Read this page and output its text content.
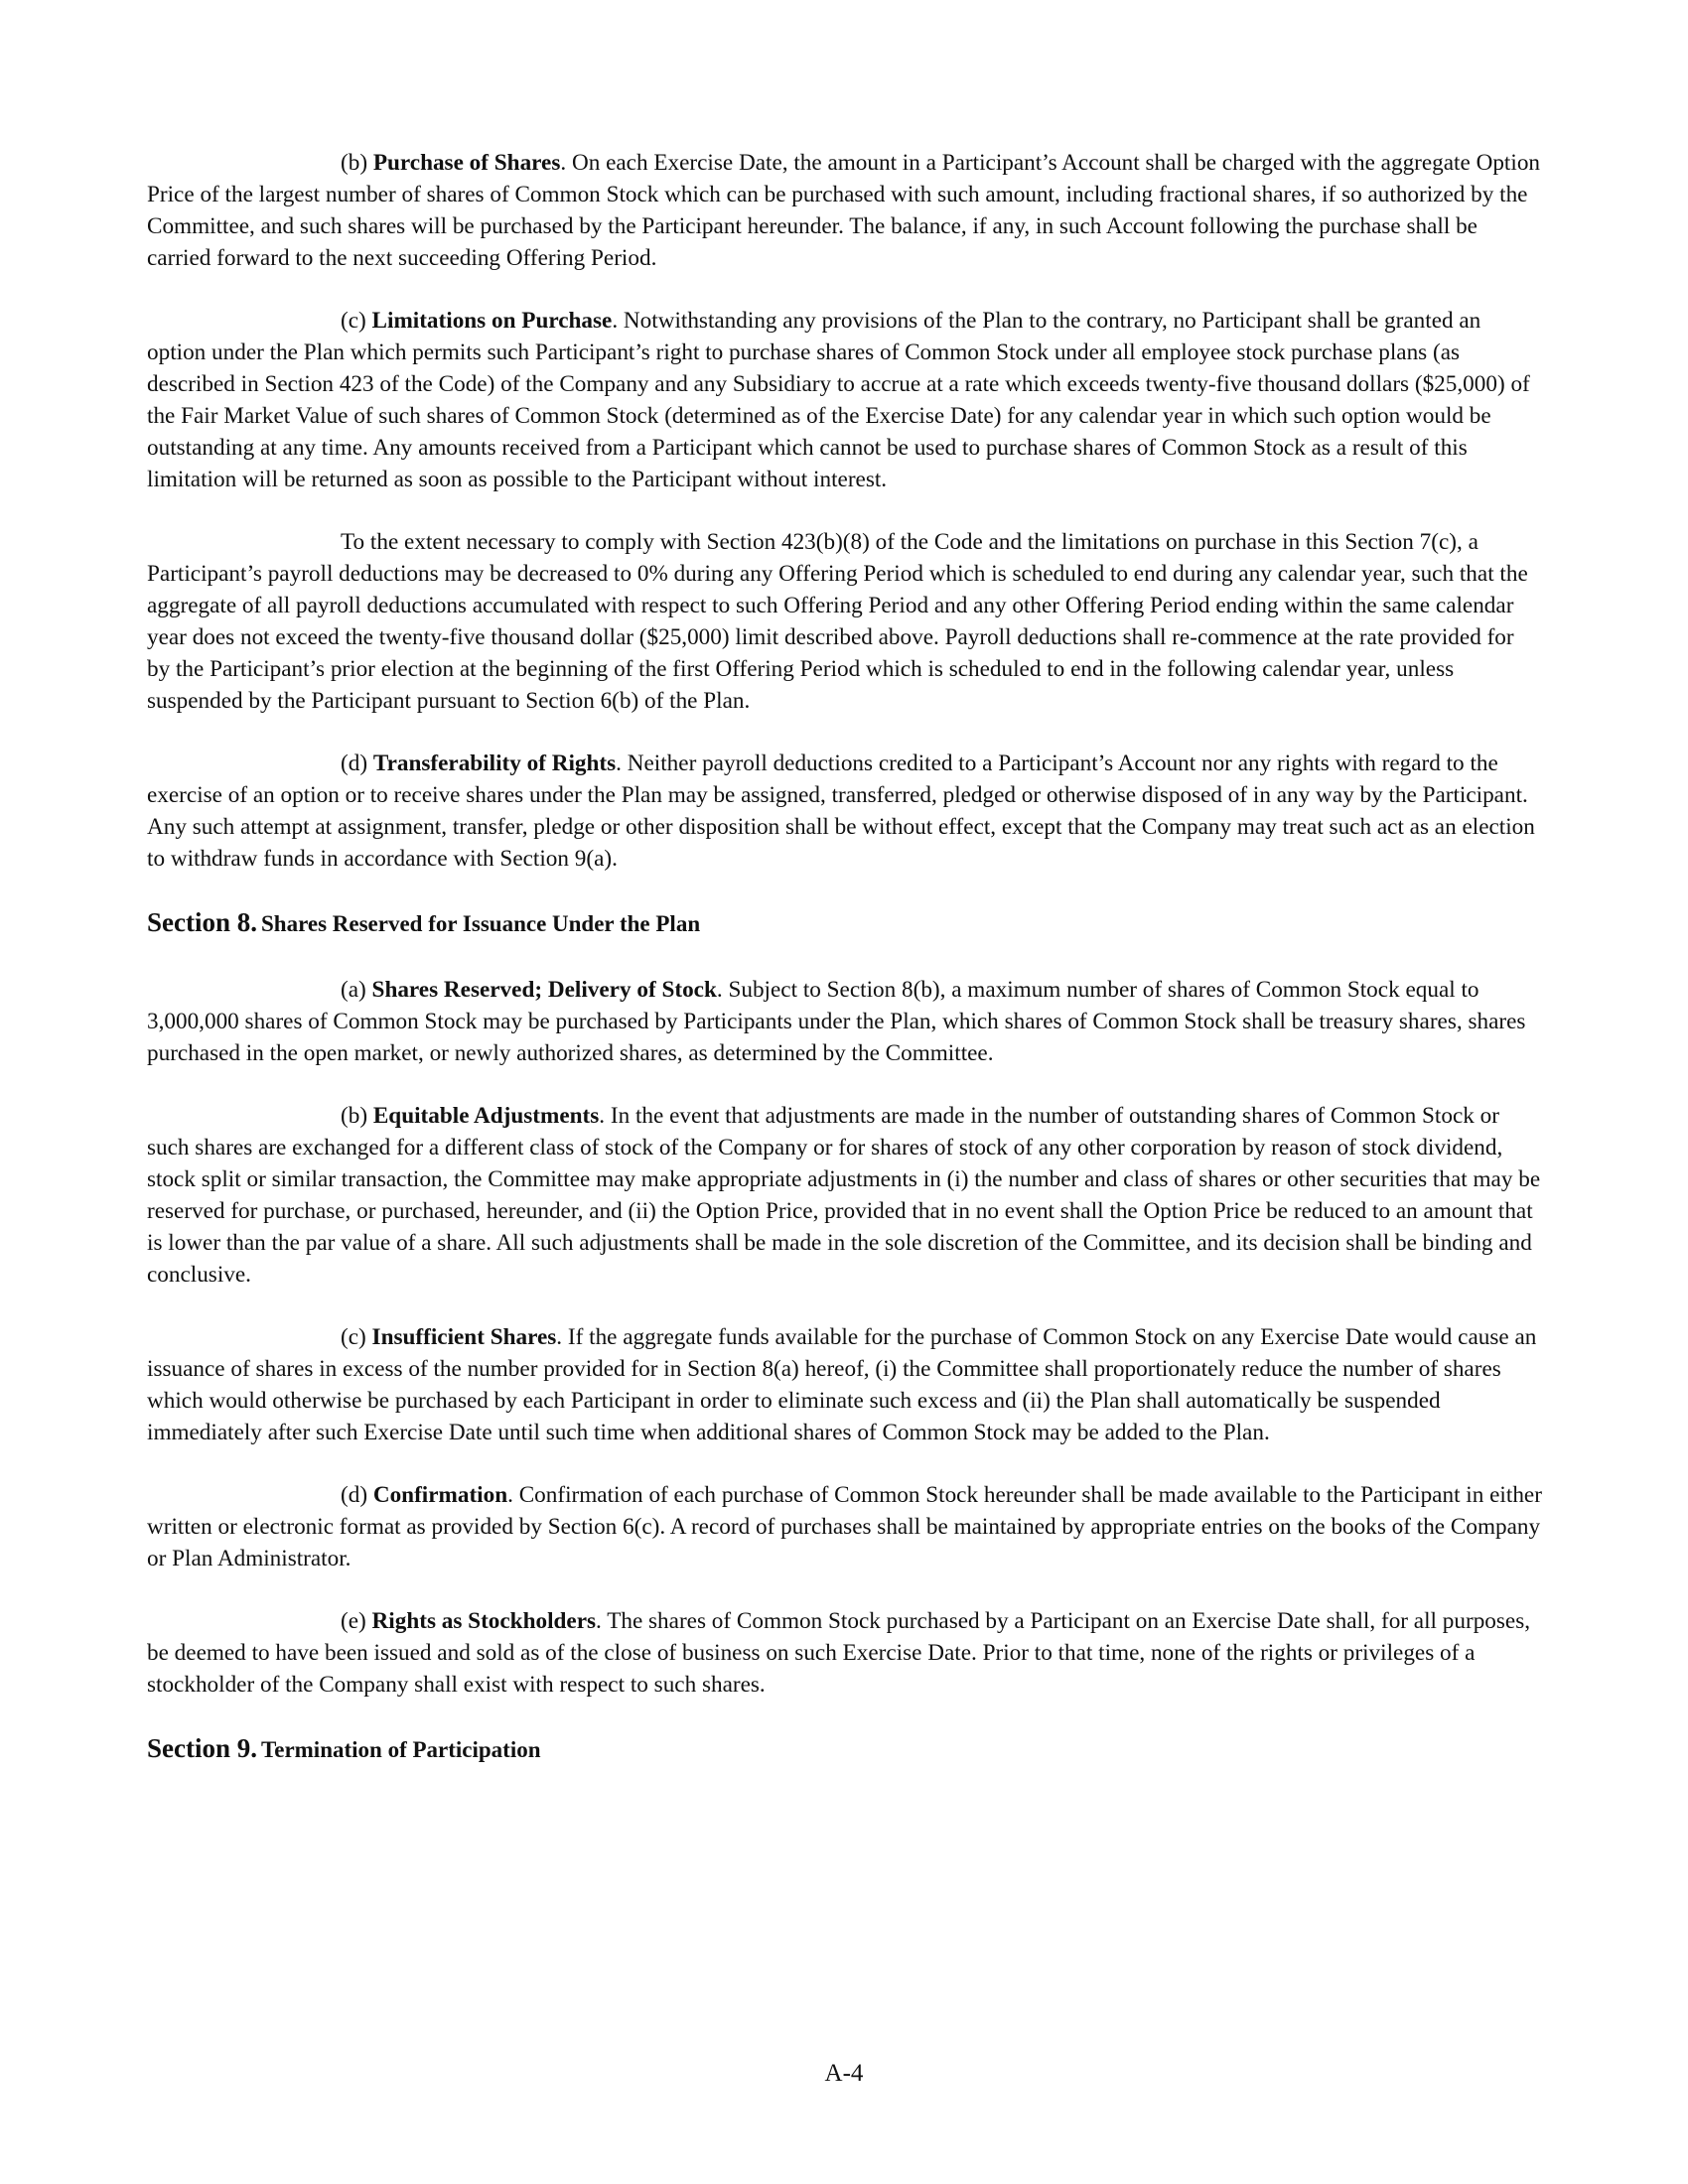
(b) Purchase of Shares. On each Exercise Date, the amount in a Participant’s Account shall be charged with the aggregate Option Price of the largest number of shares of Common Stock which can be purchased with such amount, including fractional shares, if so authorized by the Committee, and such shares will be purchased by the Participant hereunder. The balance, if any, in such Account following the purchase shall be carried forward to the next succeeding Offering Period.

(c) Limitations on Purchase. Notwithstanding any provisions of the Plan to the contrary, no Participant shall be granted an option under the Plan which permits such Participant’s right to purchase shares of Common Stock under all employee stock purchase plans (as described in Section 423 of the Code) of the Company and any Subsidiary to accrue at a rate which exceeds twenty-five thousand dollars ($25,000) of the Fair Market Value of such shares of Common Stock (determined as of the Exercise Date) for any calendar year in which such option would be outstanding at any time. Any amounts received from a Participant which cannot be used to purchase shares of Common Stock as a result of this limitation will be returned as soon as possible to the Participant without interest.

To the extent necessary to comply with Section 423(b)(8) of the Code and the limitations on purchase in this Section 7(c), a Participant’s payroll deductions may be decreased to 0% during any Offering Period which is scheduled to end during any calendar year, such that the aggregate of all payroll deductions accumulated with respect to such Offering Period and any other Offering Period ending within the same calendar year does not exceed the twenty-five thousand dollar ($25,000) limit described above. Payroll deductions shall re-commence at the rate provided for by the Participant’s prior election at the beginning of the first Offering Period which is scheduled to end in the following calendar year, unless suspended by the Participant pursuant to Section 6(b) of the Plan.

(d) Transferability of Rights. Neither payroll deductions credited to a Participant’s Account nor any rights with regard to the exercise of an option or to receive shares under the Plan may be assigned, transferred, pledged or otherwise disposed of in any way by the Participant. Any such attempt at assignment, transfer, pledge or other disposition shall be without effect, except that the Company may treat such act as an election to withdraw funds in accordance with Section 9(a).

Section 8. Shares Reserved for Issuance Under the Plan

(a) Shares Reserved; Delivery of Stock. Subject to Section 8(b), a maximum number of shares of Common Stock equal to 3,000,000 shares of Common Stock may be purchased by Participants under the Plan, which shares of Common Stock shall be treasury shares, shares purchased in the open market, or newly authorized shares, as determined by the Committee.

(b) Equitable Adjustments. In the event that adjustments are made in the number of outstanding shares of Common Stock or such shares are exchanged for a different class of stock of the Company or for shares of stock of any other corporation by reason of stock dividend, stock split or similar transaction, the Committee may make appropriate adjustments in (i) the number and class of shares or other securities that may be reserved for purchase, or purchased, hereunder, and (ii) the Option Price, provided that in no event shall the Option Price be reduced to an amount that is lower than the par value of a share. All such adjustments shall be made in the sole discretion of the Committee, and its decision shall be binding and conclusive.

(c) Insufficient Shares. If the aggregate funds available for the purchase of Common Stock on any Exercise Date would cause an issuance of shares in excess of the number provided for in Section 8(a) hereof, (i) the Committee shall proportionately reduce the number of shares which would otherwise be purchased by each Participant in order to eliminate such excess and (ii) the Plan shall automatically be suspended immediately after such Exercise Date until such time when additional shares of Common Stock may be added to the Plan.

(d) Confirmation. Confirmation of each purchase of Common Stock hereunder shall be made available to the Participant in either written or electronic format as provided by Section 6(c). A record of purchases shall be maintained by appropriate entries on the books of the Company or Plan Administrator.

(e) Rights as Stockholders. The shares of Common Stock purchased by a Participant on an Exercise Date shall, for all purposes, be deemed to have been issued and sold as of the close of business on such Exercise Date. Prior to that time, none of the rights or privileges of a stockholder of the Company shall exist with respect to such shares.

Section 9. Termination of Participation
A-4
